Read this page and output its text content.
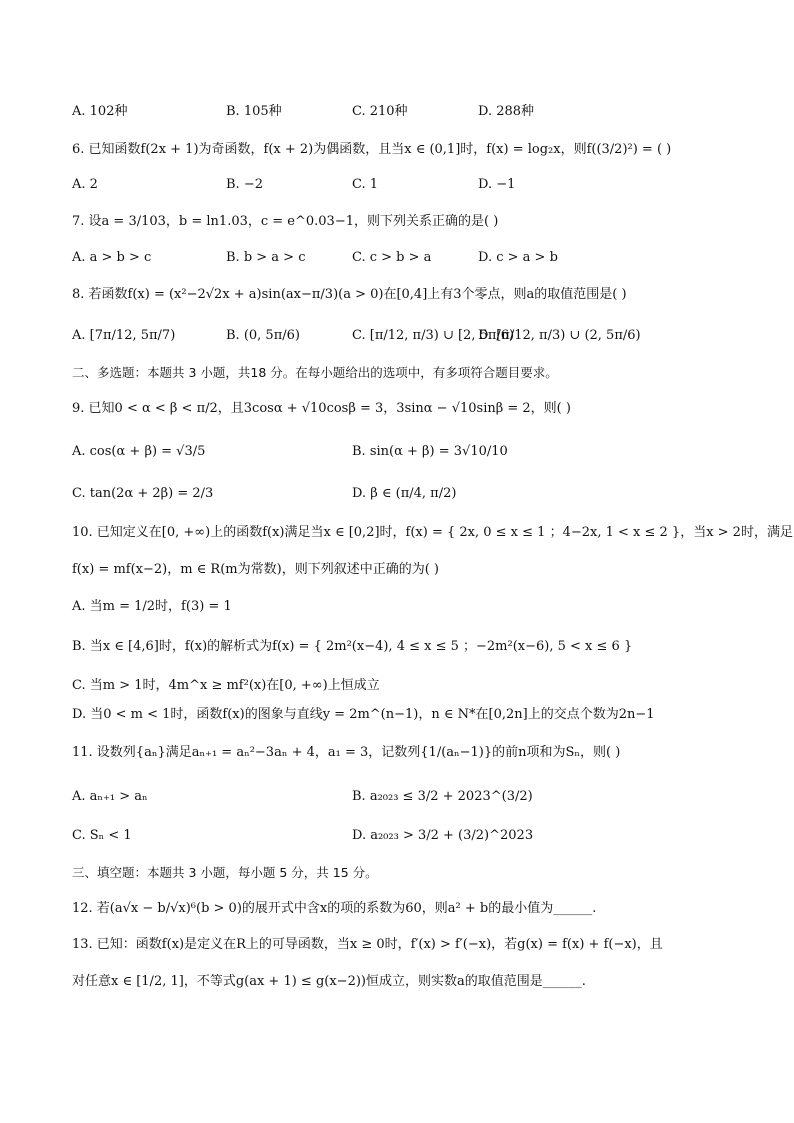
A. 102种	B. 105种	C. 210种	D. 288种
6. 已知函数f(2x + 1)为奇函数，f(x + 2)为偶函数，且当x ∈ (0,1]时，f(x) = log₂x，则f((3/2)²) = ( )
A. 2	B. −2	C. 1	D. −1
7. 设a = 3/103，b = ln1.03，c = e^0.03−1，则下列关系正确的是( )
A. a > b > c	B. b > a > c	C. c > b > a	D. c > a > b
8. 若函数f(x) = (x²−2√2x + a)sin(ax−π/3)(a > 0)在[0,4]上有3个零点，则a的取值范围是( )
A. [7π/12, 5π/7)	B. (0, 5π/6)	C. [π/12, π/3) ∪ [2, 5π/6)
D. [π/12, π/3) ∪ (2, 5π/6)
二、多选题：本题共 3 小题，共18 分。在每小题给出的选项中，有多项符合题目要求。
9. 已知0 < α < β < π/2，且3cosα + √10cosβ = 3，3sinα − √10sinβ = 2，则( )
A. cos(α + β) = √3/5	B. sin(α + β) = 3√10/10
C. tan(2α + 2β) = 2/3	D. β ∈ (π/4, π/2)
10. 已知定义在[0, +∞)上的函数f(x)满足当x ∈ [0,2]时，f(x) = { 2x, 0 ≤ x ≤ 1 ；4−2x, 1 < x ≤ 2 }，当x > 2时，满足
f(x) = mf(x−2)，m ∈ R(m为常数)，则下列叙述中正确的为( )
A. 当m = 1/2时，f(3) = 1
B. 当x ∈ [4,6]时，f(x)的解析式为f(x) = { 2m²(x−4), 4 ≤ x ≤ 5 ；−2m²(x−6), 5 < x ≤ 6 }
C. 当m > 1时，4m^x ≥ mf²(x)在[0, +∞)上恒成立
D. 当0 < m < 1时，函数f(x)的图象与直线y = 2m^(n−1)，n ∈ N*在[0,2n]上的交点个数为2n−1
11. 设数列{aₙ}满足aₙ₊₁ = aₙ²−3aₙ + 4，a₁ = 3，记数列{1/(aₙ−1)}的前n项和为Sₙ，则( )
A. aₙ₊₁ > aₙ	B. a₂₀₂₃ ≤ 3/2 + 2023^(3/2)
C. Sₙ < 1	D. a₂₀₂₃ > 3/2 + (3/2)^2023
三、填空题：本题共 3 小题，每小题 5 分，共 15 分。
12. 若(a√x − b/√x)⁶(b > 0)的展开式中含x的项的系数为60，则a² + b的最小值为______.
13. 已知：函数f(x)是定义在R上的可导函数，当x ≥ 0时，f′(x) > f′(−x)，若g(x) = f(x) + f(−x)，且
对任意x ∈ [1/2, 1]，不等式g(ax + 1) ≤ g(x−2))恒成立，则实数a的取值范围是______.
